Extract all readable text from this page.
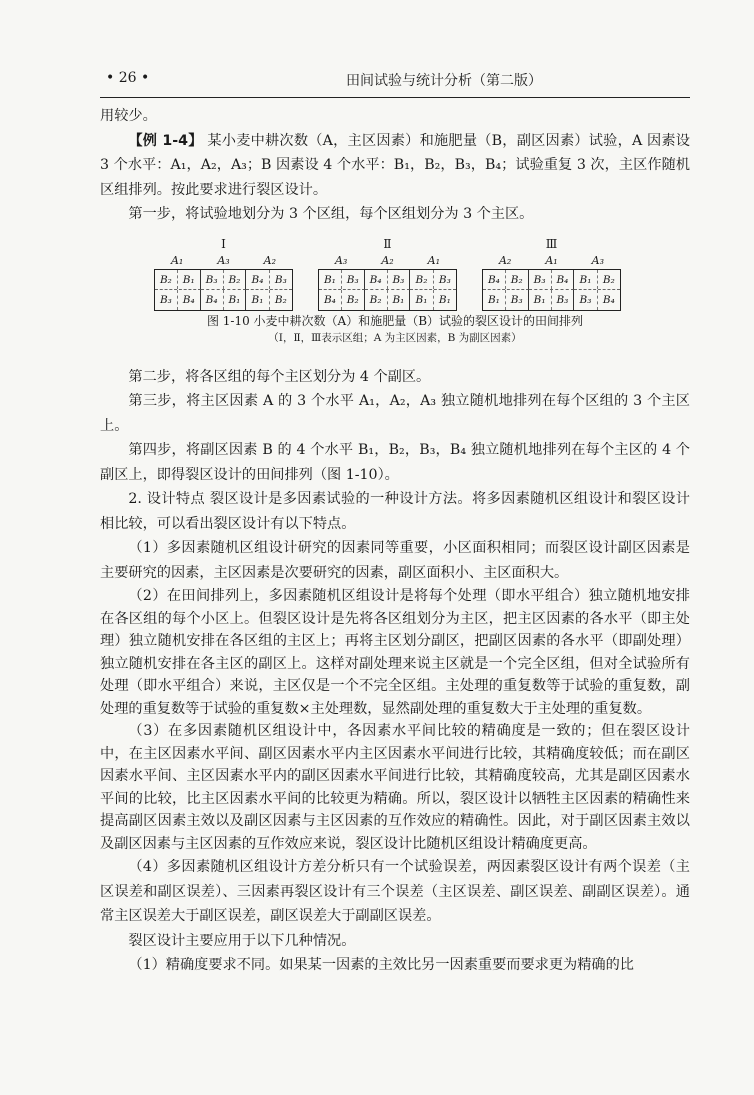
• 26 •	田间试验与统计分析（第二版）

用较少。

【例 1-4】 某小麦中耕次数（A，主区因素）和施肥量（B，副区因素）试验，A 因素设 3 个水平：A₁，A₂，A₃；B 因素设 4 个水平：B₁，B₂，B₃，B₄；试验重复 3 次，主区作随机区组排列。按此要求进行裂区设计。

第一步，将试验地划分为 3 个区组，每个区组划分为 3 个主区。

Ⅰ
A₁	A₃	A₂
B₂	B₁	B₃	B₂	B₄	B₃
B₃	B₄	B₄	B₁	B₁	B₂
Ⅱ
A₃	A₂	A₁
B₁	B₃	B₄	B₃	B₂	B₃
B₄	B₂	B₂	B₁	B₁	B₁
Ⅲ
A₂	A₁	A₃
B₄	B₂	B₃	B₄	B₁	B₂
B₁	B₃	B₁	B₃	B₃	B₄
图 1-10 小麦中耕次数（A）和施肥量（B）试验的裂区设计的田间排列
（Ⅰ，Ⅱ，Ⅲ表示区组；A 为主区因素，B 为副区因素）

第二步，将各区组的每个主区划分为 4 个副区。

第三步，将主区因素 A 的 3 个水平 A₁，A₂，A₃ 独立随机地排列在每个区组的 3 个主区上。

第四步，将副区因素 B 的 4 个水平 B₁，B₂，B₃，B₄ 独立随机地排列在每个主区的 4 个副区上，即得裂区设计的田间排列（图 1-10）。

2. 设计特点 裂区设计是多因素试验的一种设计方法。将多因素随机区组设计和裂区设计相比较，可以看出裂区设计有以下特点。

（1）多因素随机区组设计研究的因素同等重要，小区面积相同；而裂区设计副区因素是主要研究的因素，主区因素是次要研究的因素，副区面积小、主区面积大。

（2）在田间排列上，多因素随机区组设计是将每个处理（即水平组合）独立随机地安排在各区组的每个小区上。但裂区设计是先将各区组划分为主区，把主区因素的各水平（即主处理）独立随机安排在各区组的主区上；再将主区划分副区，把副区因素的各水平（即副处理）独立随机安排在各主区的副区上。这样对副处理来说主区就是一个完全区组，但对全试验所有处理（即水平组合）来说，主区仅是一个不完全区组。主处理的重复数等于试验的重复数，副处理的重复数等于试验的重复数×主处理数，显然副处理的重复数大于主处理的重复数。

（3）在多因素随机区组设计中，各因素水平间比较的精确度是一致的；但在裂区设计中，在主区因素水平间、副区因素水平内主区因素水平间进行比较，其精确度较低；而在副区因素水平间、主区因素水平内的副区因素水平间进行比较，其精确度较高，尤其是副区因素水平间的比较，比主区因素水平间的比较更为精确。所以，裂区设计以牺牲主区因素的精确性来提高副区因素主效以及副区因素与主区因素的互作效应的精确性。因此，对于副区因素主效以及副区因素与主区因素的互作效应来说，裂区设计比随机区组设计精确度更高。

（4）多因素随机区组设计方差分析只有一个试验误差，两因素裂区设计有两个误差（主区误差和副区误差）、三因素再裂区设计有三个误差（主区误差、副区误差、副副区误差）。通常主区误差大于副区误差，副区误差大于副副区误差。

裂区设计主要应用于以下几种情况。

（1）精确度要求不同。如果某一因素的主效比另一因素重要而要求更为精确的比
